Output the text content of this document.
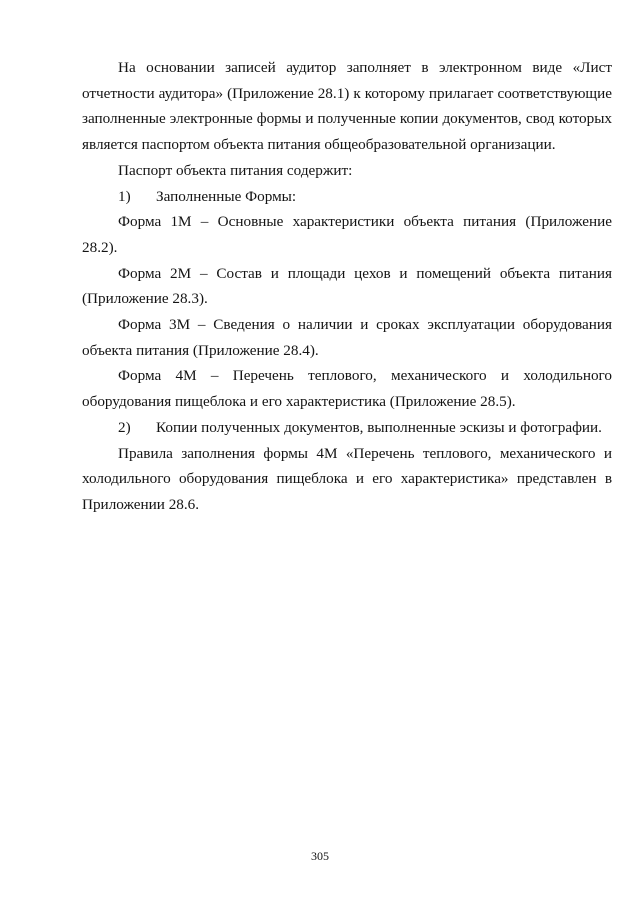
На основании записей аудитор заполняет в электронном виде «Лист отчетности аудитора» (Приложение 28.1) к которому прилагает соответствующие заполненные электронные формы и полученные копии документов, свод которых является паспортом объекта питания общеобразовательной организации.

Паспорт объекта питания содержит:

1)	Заполненные Формы:

Форма 1М – Основные характеристики объекта питания (Приложение 28.2).

Форма 2М – Состав и площади цехов и помещений объекта питания (Приложение 28.3).

Форма 3М – Сведения о наличии и сроках эксплуатации оборудования объекта питания (Приложение 28.4).

Форма 4М – Перечень теплового, механического и холодильного оборудования пищеблока и его характеристика (Приложение 28.5).

2)	Копии полученных документов, выполненные эскизы и фотографии.

Правила заполнения формы 4М «Перечень теплового, механического и холодильного оборудования пищеблока и его характеристика» представлен в Приложении 28.6.

305
